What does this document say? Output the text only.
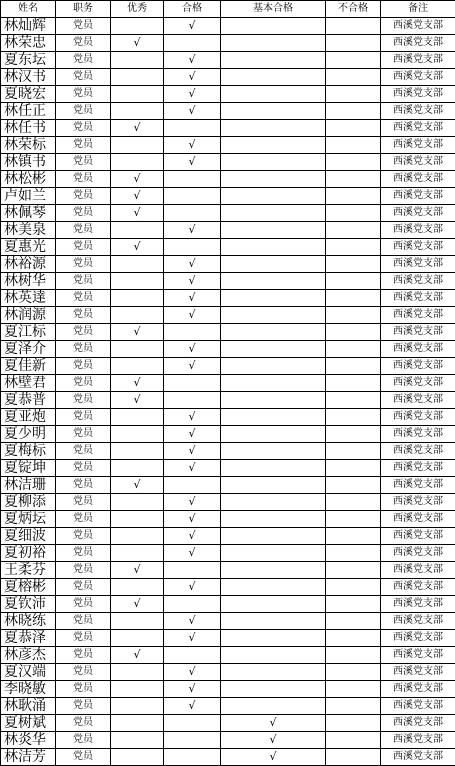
姓名	职务	优秀	合格	基本合格	不合格	备注
林灿辉	党员		√			西溪党支部
林荣忠	党员	√				西溪党支部
夏东坛	党员		√			西溪党支部
林汉书	党员		√			西溪党支部
夏晓宏	党员		√			西溪党支部
林任正	党员		√			西溪党支部
林任书	党员	√				西溪党支部
林荣标	党员		√			西溪党支部
林镇书	党员		√			西溪党支部
林松彬	党员	√				西溪党支部
卢如兰	党员	√				西溪党支部
林佩琴	党员	√				西溪党支部
林美泉	党员		√			西溪党支部
夏惠光	党员	√				西溪党支部
林裕源	党员		√			西溪党支部
林树华	党员		√			西溪党支部
林英達	党员		√			西溪党支部
林润源	党员		√			西溪党支部
夏江标	党员	√				西溪党支部
夏泽介	党员		√			西溪党支部
夏佳新	党员		√			西溪党支部
林壁君	党员	√				西溪党支部
夏恭普	党员	√				西溪党支部
夏亚炮	党员		√			西溪党支部
夏少明	党员		√			西溪党支部
夏梅标	党员		√			西溪党支部
夏锭坤	党员		√			西溪党支部
林洁珊	党员	√				西溪党支部
夏柳添	党员		√			西溪党支部
夏炳坛	党员		√			西溪党支部
夏细波	党员		√			西溪党支部
夏初裕	党员		√			西溪党支部
王柔芬	党员	√				西溪党支部
夏榕彬	党员		√			西溪党支部
夏钦沛	党员	√				西溪党支部
林晓练	党员		√			西溪党支部
夏恭泽	党员		√			西溪党支部
林彦杰	党员	√				西溪党支部
夏汉端	党员		√			西溪党支部
李晓敏	党员		√			西溪党支部
林耿涌	党员		√			西溪党支部
夏树斌	党员			√		西溪党支部
林炎华	党员			√		西溪党支部
林洁芳	党员			√		西溪党支部
